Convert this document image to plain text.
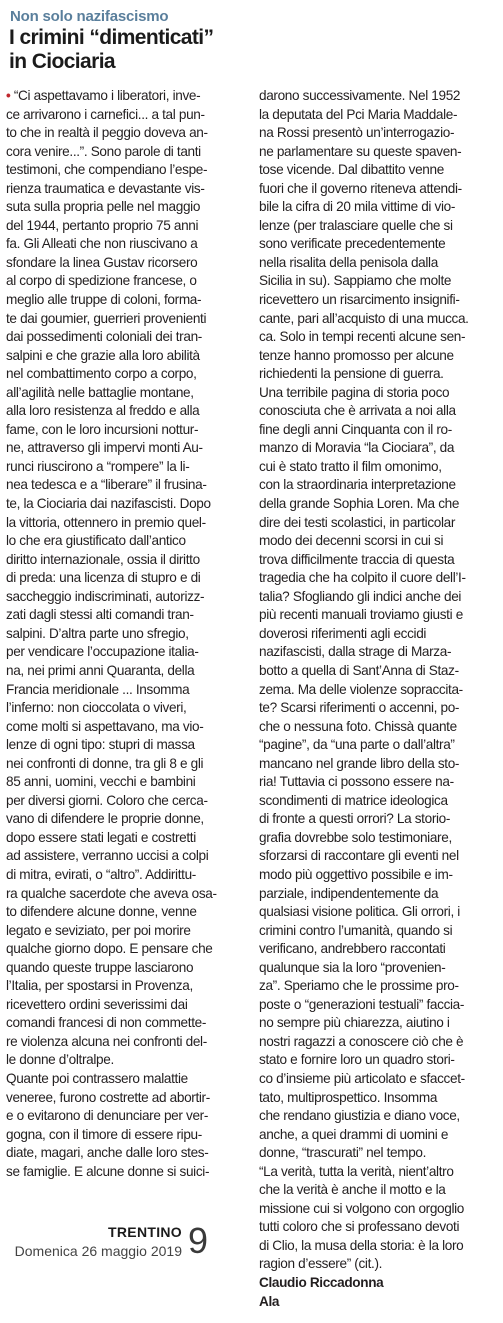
Non solo nazifascismo
I crimini “dimenticati”
in Ciociaria
• “Ci aspettavamo i liberatori, inve-
ce arrivarono i carnefici... a tal pun-
to che in realtà il peggio doveva an-
cora venire...”. Sono parole di tanti
testimoni, che compendiano l’espe-
rienza traumatica e devastante vis-
suta sulla propria pelle nel maggio
del 1944, pertanto proprio 75 anni
fa. Gli Alleati che non riuscivano a
sfondare la linea Gustav ricorsero
al corpo di spedizione francese, o
meglio alle truppe di coloni, forma-
te dai goumier, guerrieri provenienti
dai possedimenti coloniali dei tran-
salpini e che grazie alla loro abilità
nel combattimento corpo a corpo,
all’agilità nelle battaglie montane,
alla loro resistenza al freddo e alla
fame, con le loro incursioni nottur-
ne, attraverso gli impervi monti Au-
runci riuscirono a “rompere” la li-
nea tedesca e a “liberare” il frusina-
te, la Ciociaria dai nazifascisti. Dopo
la vittoria, ottennero in premio quel-
lo che era giustificato dall’antico
diritto internazionale, ossia il diritto
di preda: una licenza di stupro e di
saccheggio indiscriminati, autorizz-
zati dagli stessi alti comandi tran-
salpini. D’altra parte uno sfregio,
per vendicare l’occupazione italia-
na, nei primi anni Quaranta, della
Francia meridionale ... Insomma
l’inferno: non cioccolata o viveri,
come molti si aspettavano, ma vio-
lenze di ogni tipo: stupri di massa
nei confronti di donne, tra gli 8 e gli
85 anni, uomini, vecchi e bambini
per diversi giorni. Coloro che cerca-
vano di difendere le proprie donne,
dopo essere stati legati e costretti
ad assistere, verranno uccisi a colpi
di mitra, evirati, o “altro”. Addirittu-
ra qualche sacerdote che aveva osa-
to difendere alcune donne, venne
legato e seviziato, per poi morire
qualche giorno dopo. E pensare che
quando queste truppe lasciarono
l’Italia, per spostarsi in Provenza,
ricevettero ordini severissimi dai
comandi francesi di non commette-
re violenza alcuna nei confronti del-
le donne d’oltralpe.
Quante poi contrassero malattie
veneree, furono costrette ad abortir-
e o evitarono di denunciare per ver-
gogna, con il timore di essere ripu-
diate, magari, anche dalle loro stes-
se famiglie. E alcune donne si suici-
darono successivamente. Nel 1952
la deputata del Pci Maria Maddale-
na Rossi presentò un’interrogazio-
ne parlamentare su queste spaven-
tose vicende. Dal dibattito venne
fuori che il governo riteneva attendi-
bile la cifra di 20 mila vittime di vio-
lenze (per tralasciare quelle che si
sono verificate precedentemente
nella risalita della penisola dalla
Sicilia in su). Sappiamo che molte
ricevettero un risarcimento insignifi-
cante, pari all’acquisto di una mucca.
ca. Solo in tempi recenti alcune sen-
tenze hanno promosso per alcune
richiedenti la pensione di guerra.
Una terribile pagina di storia poco
conosciuta che è arrivata a noi alla
fine degli anni Cinquanta con il ro-
manzo di Moravia “la Ciociara”, da
cui è stato tratto il film omonimo,
con la straordinaria interpretazione
della grande Sophia Loren. Ma che
dire dei testi scolastici, in particolar
modo dei decenni scorsi in cui si
trova difficilmente traccia di questa
tragedia che ha colpito il cuore dell’I-
talia? Sfogliando gli indici anche dei
più recenti manuali troviamo giusti e
doverosi riferimenti agli eccidi
nazifascisti, dalla strage di Marza-
botto a quella di Sant’Anna di Staz-
zema. Ma delle violenze sopraccita-
te? Scarsi riferimenti o accenni, po-
che o nessuna foto. Chissà quante
“pagine”, da “una parte o dall’altra”
mancano nel grande libro della sto-
ria! Tuttavia ci possono essere na-
scondimenti di matrice ideologica
di fronte a questi orrori? La storio-
grafia dovrebbe solo testimoniare,
sforzarsi di raccontare gli eventi nel
modo più oggettivo possibile e im-
parziale, indipendentemente da
qualsiasi visione politica. Gli orrori, i
crimini contro l’umanità, quando si
verificano, andrebbero raccontati
qualunque sia la loro “provenien-
za”. Speriamo che le prossime pro-
poste o “generazioni testuali” faccia-
no sempre più chiarezza, aiutino i
nostri ragazzi a conoscere ciò che è
stato e fornire loro un quadro stori-
co d’insieme più articolato e sfaccet-
tato, multiprospettico. Insomma
che rendano giustizia e diano voce,
anche, a quei drammi di uomini e
donne, “trascurati” nel tempo.
“La verità, tutta la verità, nient’altro
che la verità è anche il motto e la
missione cui si volgono con orgoglio
tutti coloro che si professano devoti
di Clio, la musa della storia: è la loro
ragion d’essere” (cit.).
Claudio Riccadonna
Ala
TRENTINO
Domenica 26 maggio 2019 9
